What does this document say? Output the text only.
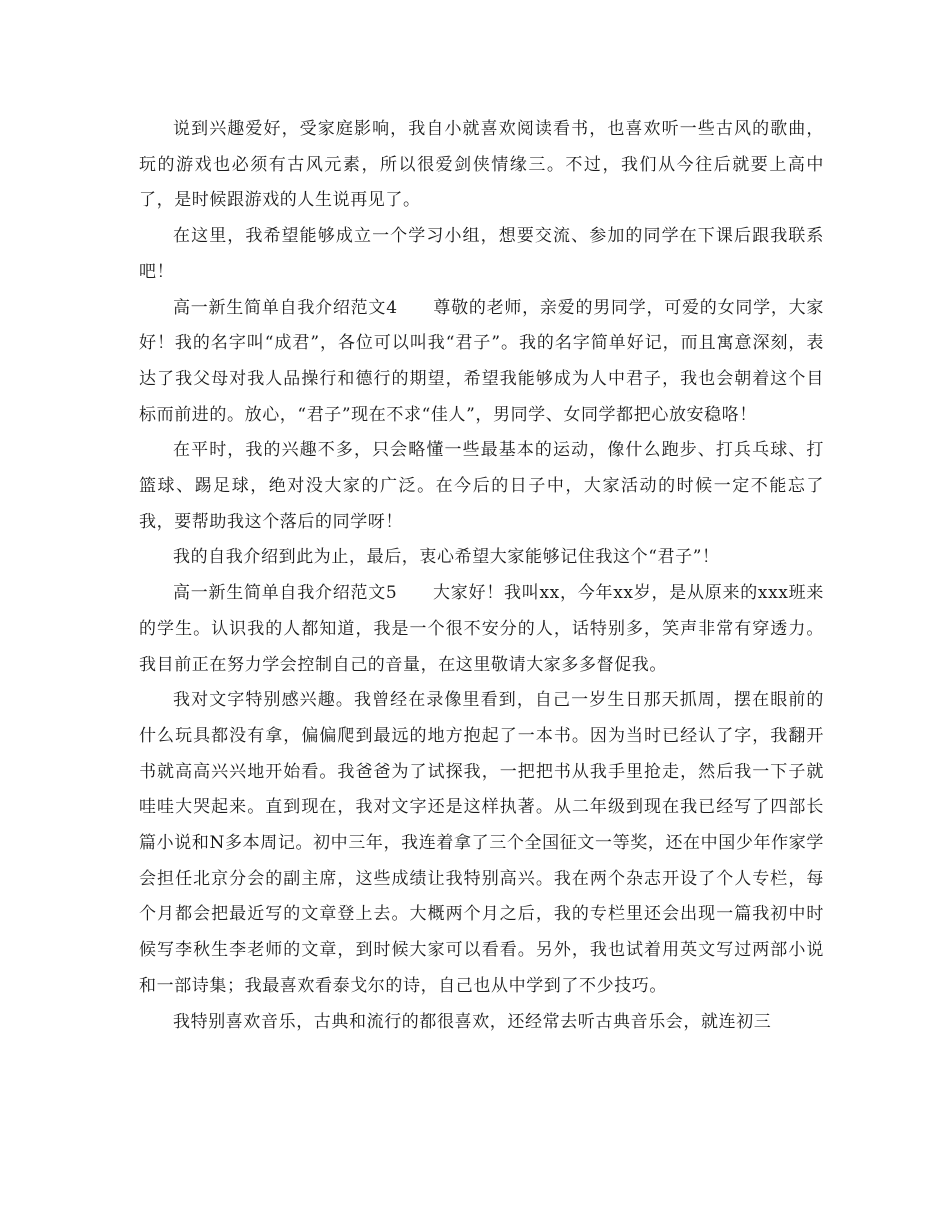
说到兴趣爱好，受家庭影响，我自小就喜欢阅读看书，也喜欢听一些古风的歌曲，玩的游戏也必须有古风元素，所以很爱剑侠情缘三。不过，我们从今往后就要上高中了，是时候跟游戏的人生说再见了。

在这里，我希望能够成立一个学习小组，想要交流、参加的同学在下课后跟我联系吧！

高一新生简单自我介绍范文4　　尊敬的老师，亲爱的男同学，可爱的女同学，大家好！我的名字叫“成君”，各位可以叫我“君子”。我的名字简单好记，而且寓意深刻，表达了我父母对我人品操行和德行的期望，希望我能够成为人中君子，我也会朝着这个目标而前进的。放心，“君子”现在不求“佳人”，男同学、女同学都把心放安稳咯！

在平时，我的兴趣不多，只会略懂一些最基本的运动，像什么跑步、打兵乓球、打篮球、踢足球，绝对没大家的广泛。在今后的日子中，大家活动的时候一定不能忘了我，要帮助我这个落后的同学呀！

我的自我介绍到此为止，最后，衷心希望大家能够记住我这个“君子”！

高一新生简单自我介绍范文5　　大家好！我叫xx，今年xx岁，是从原来的xxx班来的学生。认识我的人都知道，我是一个很不安分的人，话特别多，笑声非常有穿透力。我目前正在努力学会控制自己的音量，在这里敬请大家多多督促我。

我对文字特别感兴趣。我曾经在录像里看到，自己一岁生日那天抓周，摆在眼前的什么玩具都没有拿，偏偏爬到最远的地方抱起了一本书。因为当时已经认了字，我翻开书就高高兴兴地开始看。我爸爸为了试探我，一把把书从我手里抢走，然后我一下子就哇哇大哭起来。直到现在，我对文字还是这样执著。从二年级到现在我已经写了四部长篇小说和N多本周记。初中三年，我连着拿了三个全国征文一等奖，还在中国少年作家学会担任北京分会的副主席，这些成绩让我特别高兴。我在两个杂志开设了个人专栏，每个月都会把最近写的文章登上去。大概两个月之后，我的专栏里还会出现一篇我初中时候写李秋生李老师的文章，到时候大家可以看看。另外，我也试着用英文写过两部小说和一部诗集；我最喜欢看泰戈尔的诗，自己也从中学到了不少技巧。

我特别喜欢音乐，古典和流行的都很喜欢，还经常去听古典音乐会，就连初三
